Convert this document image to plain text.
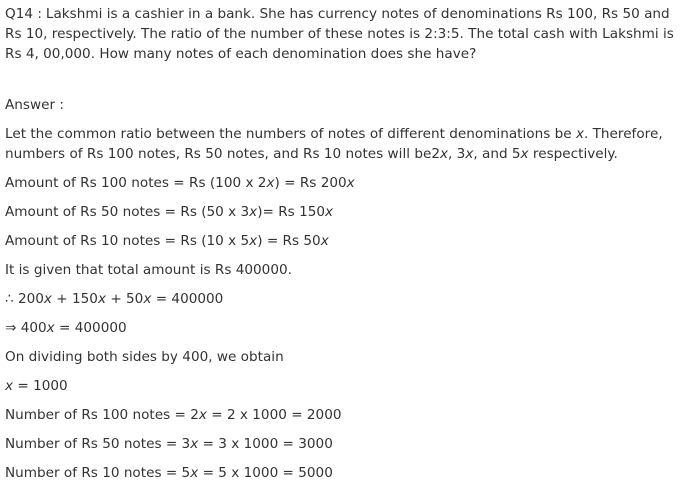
Q14 : Lakshmi is a cashier in a bank. She has currency notes of denominations Rs 100, Rs 50 and Rs 10, respectively. The ratio of the number of these notes is 2:3:5. The total cash with Lakshmi is Rs 4, 00,000. How many notes of each denomination does she have?

Answer :
Let the common ratio between the numbers of notes of different denominations be x. Therefore, numbers of Rs 100 notes, Rs 50 notes, and Rs 10 notes will be2x, 3x, and 5x respectively.
Amount of Rs 100 notes = Rs (100 x 2x) = Rs 200x
Amount of Rs 50 notes = Rs (50 x 3x)= Rs 150x
Amount of Rs 10 notes = Rs (10 x 5x) = Rs 50x
It is given that total amount is Rs 400000.
∴ 200x + 150x + 50x = 400000
⇒ 400x = 400000
On dividing both sides by 400, we obtain
x = 1000
Number of Rs 100 notes = 2x = 2 x 1000 = 2000
Number of Rs 50 notes = 3x = 3 x 1000 = 3000
Number of Rs 10 notes = 5x = 5 x 1000 = 5000
